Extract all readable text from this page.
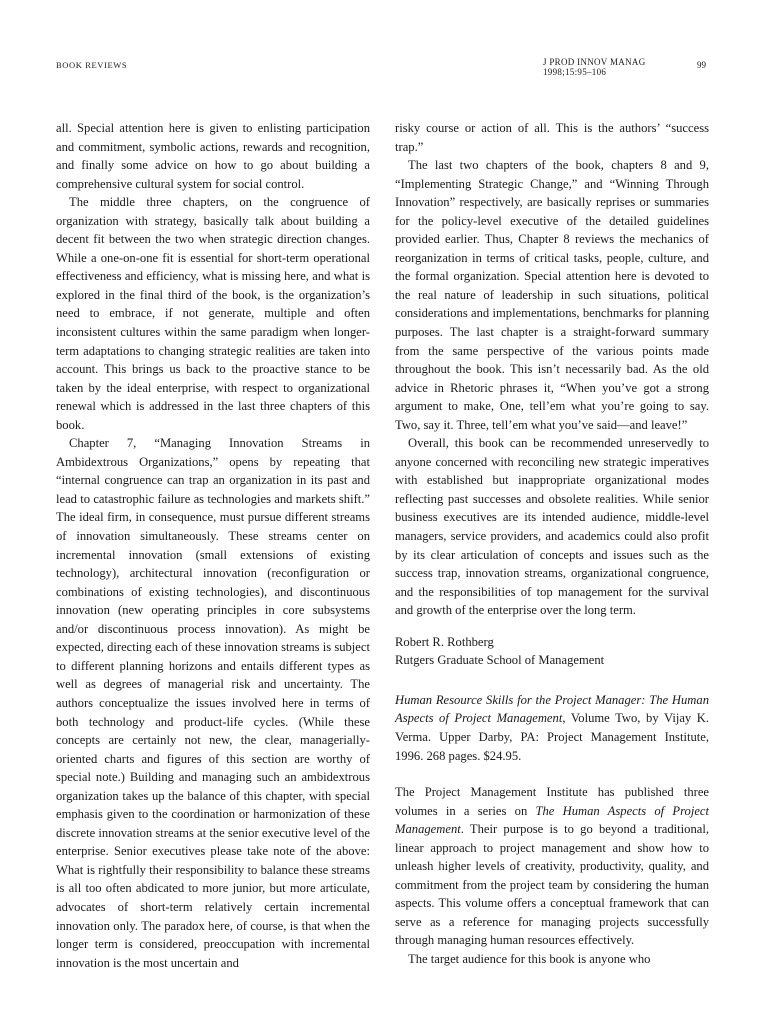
BOOK REVIEWS	J PROD INNOV MANAG
1998;15:95–106
99

all. Special attention here is given to enlisting participation and commitment, symbolic actions, rewards and recognition, and finally some advice on how to go about building a comprehensive cultural system for social control.

The middle three chapters, on the congruence of organization with strategy, basically talk about building a decent fit between the two when strategic direction changes. While a one-on-one fit is essential for short-term operational effectiveness and efficiency, what is missing here, and what is explored in the final third of the book, is the organization’s need to embrace, if not generate, multiple and often inconsistent cultures within the same paradigm when longer-term adaptations to changing strategic realities are taken into account. This brings us back to the proactive stance to be taken by the ideal enterprise, with respect to organizational renewal which is addressed in the last three chapters of this book.

Chapter 7, “Managing Innovation Streams in Ambidextrous Organizations,” opens by repeating that “internal congruence can trap an organization in its past and lead to catastrophic failure as technologies and markets shift.” The ideal firm, in consequence, must pursue different streams of innovation simultaneously. These streams center on incremental innovation (small extensions of existing technology), architectural innovation (reconfiguration or combinations of existing technologies), and discontinuous innovation (new operating principles in core subsystems and/or discontinuous process innovation). As might be expected, directing each of these innovation streams is subject to different planning horizons and entails different types as well as degrees of managerial risk and uncertainty. The authors conceptualize the issues involved here in terms of both technology and product-life cycles. (While these concepts are certainly not new, the clear, managerially-oriented charts and figures of this section are worthy of special note.) Building and managing such an ambidextrous organization takes up the balance of this chapter, with special emphasis given to the coordination or harmonization of these discrete innovation streams at the senior executive level of the enterprise. Senior executives please take note of the above: What is rightfully their responsibility to balance these streams is all too often abdicated to more junior, but more articulate, advocates of short-term relatively certain incremental innovation only. The paradox here, of course, is that when the longer term is considered, preoccupation with incremental innovation is the most uncertain and

risky course or action of all. This is the authors’ “success trap.”

The last two chapters of the book, chapters 8 and 9, “Implementing Strategic Change,” and “Winning Through Innovation” respectively, are basically reprises or summaries for the policy-level executive of the detailed guidelines provided earlier. Thus, Chapter 8 reviews the mechanics of reorganization in terms of critical tasks, people, culture, and the formal organization. Special attention here is devoted to the real nature of leadership in such situations, political considerations and implementations, benchmarks for planning purposes. The last chapter is a straight-forward summary from the same perspective of the various points made throughout the book. This isn’t necessarily bad. As the old advice in Rhetoric phrases it, “When you’ve got a strong argument to make, One, tell’em what you’re going to say. Two, say it. Three, tell’em what you’ve said—and leave!”

Overall, this book can be recommended unreservedly to anyone concerned with reconciling new strategic imperatives with established but inappropriate organizational modes reflecting past successes and obsolete realities. While senior business executives are its intended audience, middle-level managers, service providers, and academics could also profit by its clear articulation of concepts and issues such as the success trap, innovation streams, organizational congruence, and the responsibilities of top management for the survival and growth of the enterprise over the long term.

Robert R. Rothberg

Rutgers Graduate School of Management

Human Resource Skills for the Project Manager: The Human Aspects of Project Management, Volume Two, by Vijay K. Verma. Upper Darby, PA: Project Management Institute, 1996. 268 pages. $24.95.

The Project Management Institute has published three volumes in a series on The Human Aspects of Project Management. Their purpose is to go beyond a traditional, linear approach to project management and show how to unleash higher levels of creativity, productivity, quality, and commitment from the project team by considering the human aspects. This volume offers a conceptual framework that can serve as a reference for managing projects successfully through managing human resources effectively.

The target audience for this book is anyone who
